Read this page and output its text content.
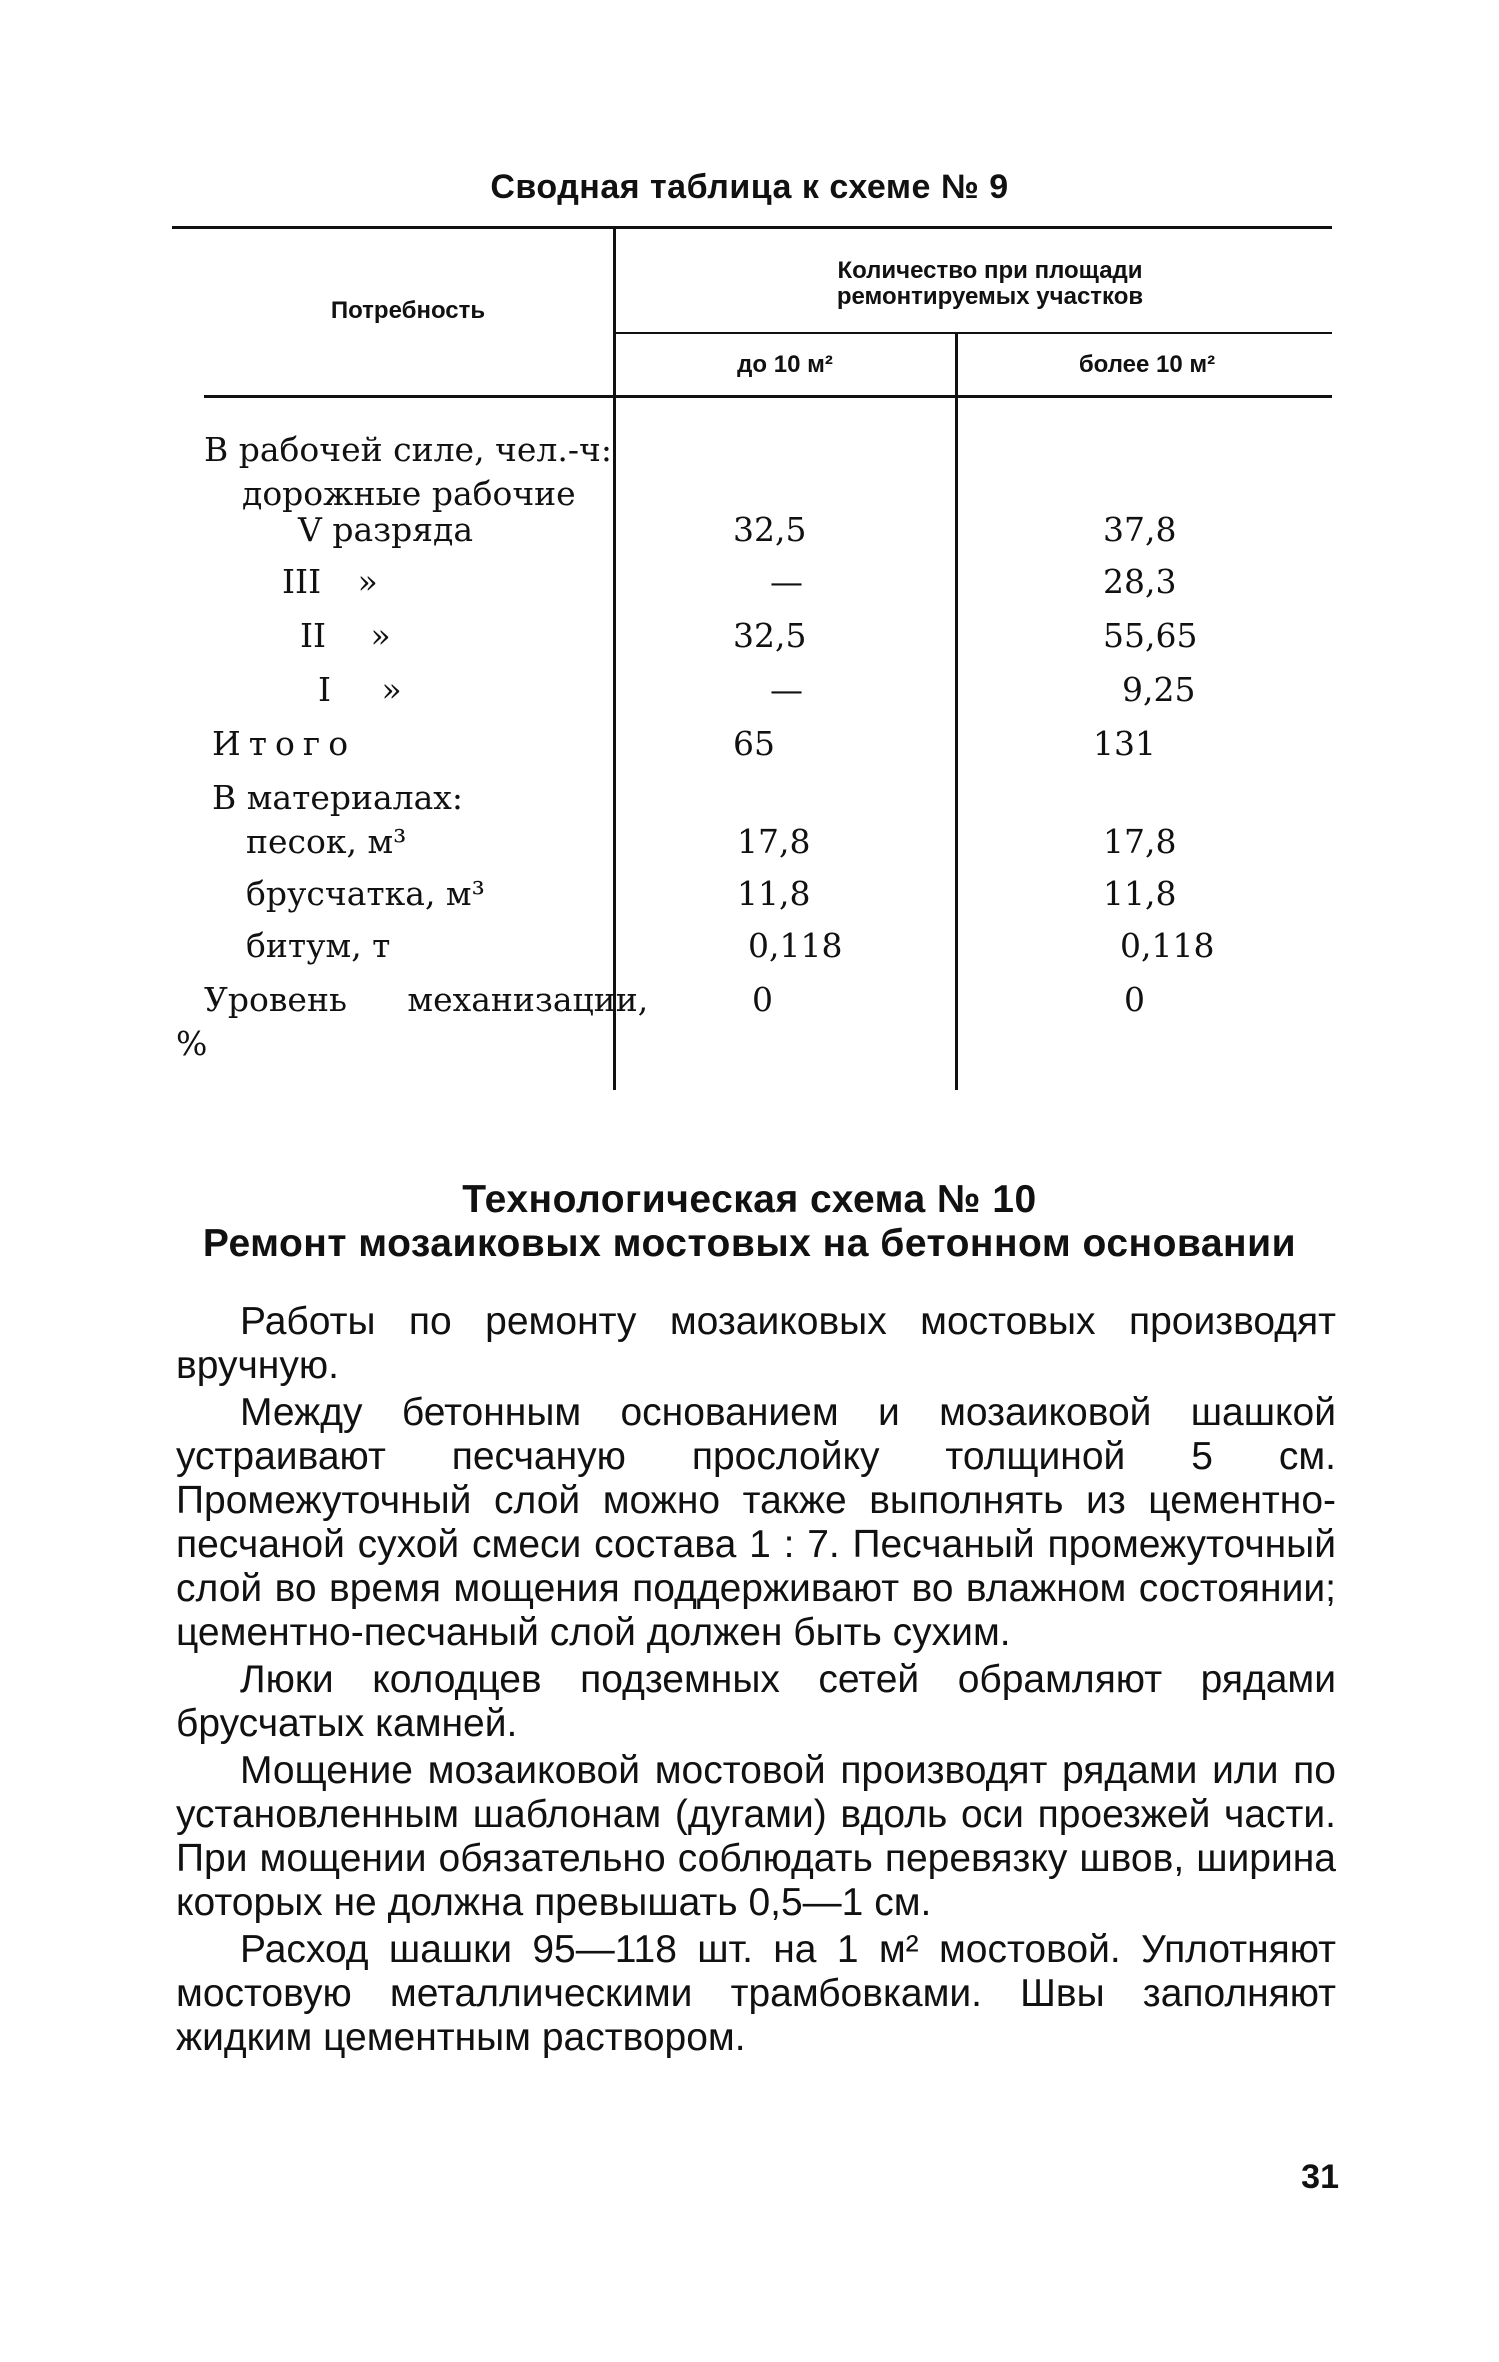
Сводная таблица к схеме № 9
Потребность
Количество при площади ремонтируемых участков
до 10 м²	более 10 м²
В рабочей силе, чел.-ч:
дорожные рабочие
V разряда	32,5	37,8
III »	—	28,3
II »	32,5	55,65
I »	—	9,25
Итого	65	131
В материалах:
песок, м³	17,8	17,8
брусчатка, м³	11,8	11,8
битум, т	0,118	0,118
Уровень механизации,	0	0
%
Технологическая схема № 10
Ремонт мозаиковых мостовых на бетонном основании

Работы по ремонту мозаиковых мостовых производят вручную.

Между бетонным основанием и мозаиковой шашкой устраивают песчаную прослойку толщиной 5 см. Промежуточный слой можно также выполнять из цементно-песчаной сухой смеси состава 1 : 7. Песчаный промежуточный слой во время мощения поддерживают во влажном состоянии; цементно-песчаный слой должен быть сухим.

Люки колодцев подземных сетей обрамляют рядами брусчатых камней.

Мощение мозаиковой мостовой производят рядами или по установленным шаблонам (дугами) вдоль оси проезжей части. При мощении обязательно соблюдать перевязку швов, ширина которых не должна превышать 0,5—1 см.

Расход шашки 95—118 шт. на 1 м² мостовой. Уплотняют мостовую металлическими трамбовками. Швы заполняют жидким цементным раствором.

31
